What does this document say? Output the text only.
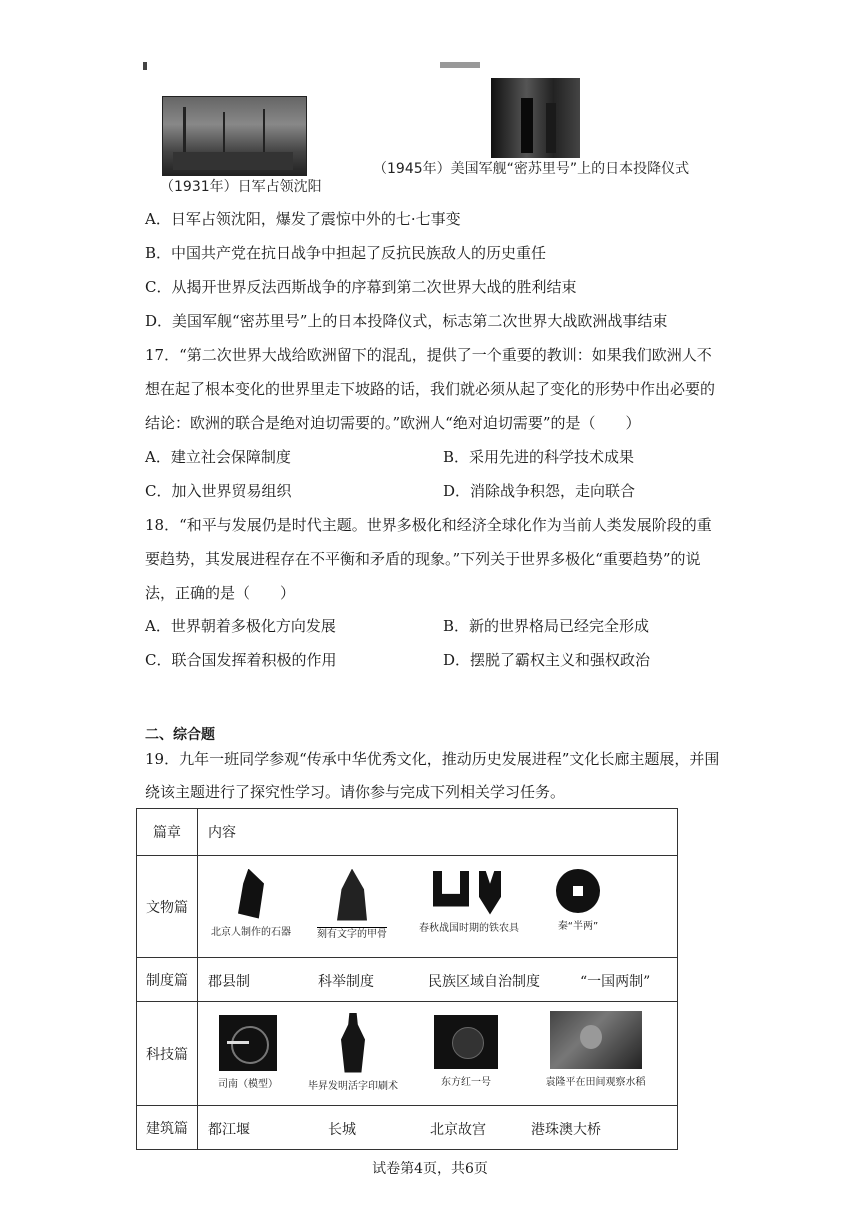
（1931年）日军占领沈阳
（1945年）美国军舰“密苏里号”上的日本投降仪式
A．日军占领沈阳，爆发了震惊中外的七·七事变
B．中国共产党在抗日战争中担起了反抗民族敌人的历史重任
C．从揭开世界反法西斯战争的序幕到第二次世界大战的胜利结束
D．美国军舰“密苏里号”上的日本投降仪式，标志第二次世界大战欧洲战事结束
17．“第二次世界大战给欧洲留下的混乱，提供了一个重要的教训：如果我们欧洲人不
想在起了根本变化的世界里走下坡路的话，我们就必须从起了变化的形势中作出必要的
结论：欧洲的联合是绝对迫切需要的。”欧洲人“绝对迫切需要”的是（　　）
A．建立社会保障制度	B．采用先进的科学技术成果
C．加入世界贸易组织	D．消除战争积怨，走向联合
18．“和平与发展仍是时代主题。世界多极化和经济全球化作为当前人类发展阶段的重
要趋势，其发展进程存在不平衡和矛盾的现象。”下列关于世界多极化“重要趋势”的说
法，正确的是（　　）
A．世界朝着多极化方向发展	B．新的世界格局已经完全形成
C．联合国发挥着积极的作用	D．摆脱了霸权主义和强权政治
二、综合题
19．九年一班同学参观“传承中华优秀文化，推动历史发展进程”文化长廊主题展，并围
绕该主题进行了探究性学习。请你参与完成下列相关学习任务。
篇章	内容
文物篇	北京人制作的石器 刻有文字的甲骨
春秋战国时期的铁农具 秦“半两”

制度篇	郡县制 科举制度 民族区域自治制度 “一国两制”

科技篇	司南（模型） 毕昇发明活字印刷术 东方红一号 袁隆平在田间观察水稻

建筑篇	都江堰 长城 北京故宫 港珠澳大桥
试卷第4页，共6页
